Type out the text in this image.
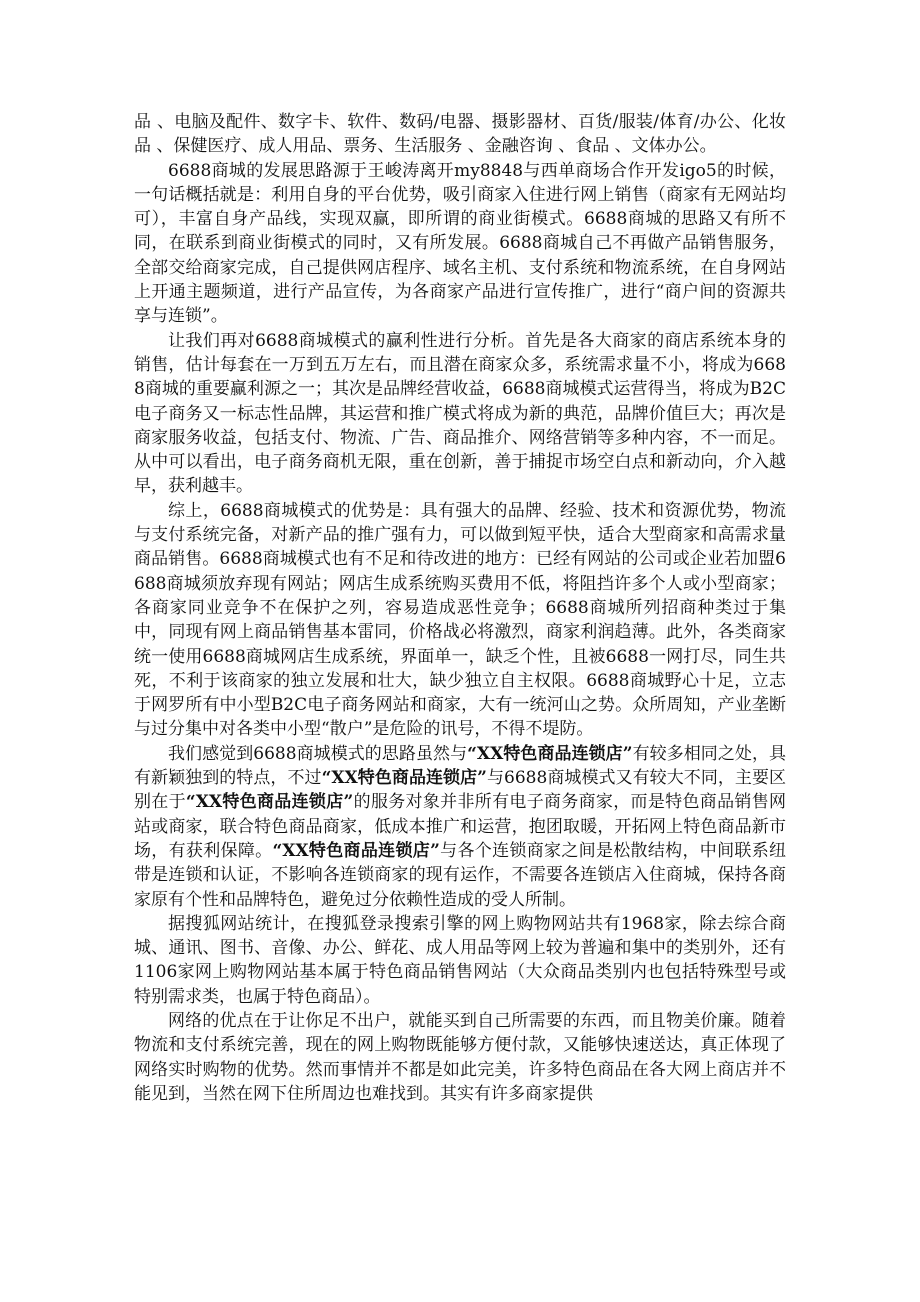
品 、电脑及配件、数字卡、软件、数码/电器、摄影器材、百货/服装/体育/办公、化妆品 、保健医疗、成人用品、票务、生活服务 、金融咨询 、食品 、文体办公。

6688商城的发展思路源于王峻涛离开my8848与西单商场合作开发igo5的时候，一句话概括就是：利用自身的平台优势，吸引商家入住进行网上销售（商家有无网站均可），丰富自身产品线，实现双赢，即所谓的商业街模式。6688商城的思路又有所不同，在联系到商业街模式的同时，又有所发展。6688商城自己不再做产品销售服务，全部交给商家完成，自己提供网店程序、域名主机、支付系统和物流系统，在自身网站上开通主题频道，进行产品宣传，为各商家产品进行宣传推广，进行“商户间的资源共享与连锁”。

让我们再对6688商城模式的赢利性进行分析。首先是各大商家的商店系统本身的销售，估计每套在一万到五万左右，而且潜在商家众多，系统需求量不小，将成为6688商城的重要赢利源之一；其次是品牌经营收益，6688商城模式运营得当，将成为B2C电子商务又一标志性品牌，其运营和推广模式将成为新的典范，品牌价值巨大；再次是商家服务收益，包括支付、物流、广告、商品推介、网络营销等多种内容，不一而足。从中可以看出，电子商务商机无限，重在创新，善于捕捉市场空白点和新动向，介入越早，获利越丰。

综上，6688商城模式的优势是：具有强大的品牌、经验、技术和资源优势，物流与支付系统完备，对新产品的推广强有力，可以做到短平快，适合大型商家和高需求量商品销售。6688商城模式也有不足和待改进的地方：已经有网站的公司或企业若加盟6688商城须放弃现有网站；网店生成系统购买费用不低，将阻挡许多个人或小型商家；各商家同业竞争不在保护之列，容易造成恶性竞争；6688商城所列招商种类过于集中，同现有网上商品销售基本雷同，价格战必将激烈，商家利润趋薄。此外，各类商家统一使用6688商城网店生成系统，界面单一，缺乏个性，且被6688一网打尽，同生共死，不利于该商家的独立发展和壮大，缺少独立自主权限。6688商城野心十足，立志于网罗所有中小型B2C电子商务网站和商家，大有一统河山之势。众所周知，产业垄断与过分集中对各类中小型“散户”是危险的讯号，不得不堤防。

我们感觉到6688商城模式的思路虽然与“XX特色商品连锁店”有较多相同之处，具有新颖独到的特点，不过“XX特色商品连锁店”与6688商城模式又有较大不同，主要区别在于“XX特色商品连锁店”的服务对象并非所有电子商务商家，而是特色商品销售网站或商家，联合特色商品商家，低成本推广和运营，抱团取暖，开拓网上特色商品新市场，有获利保障。“XX特色商品连锁店”与各个连锁商家之间是松散结构，中间联系纽带是连锁和认证，不影响各连锁商家的现有运作，不需要各连锁店入住商城，保持各商家原有个性和品牌特色，避免过分依赖性造成的受人所制。

据搜狐网站统计，在搜狐登录搜索引擎的网上购物网站共有1968家，除去综合商城、通讯、图书、音像、办公、鲜花、成人用品等网上较为普遍和集中的类别外，还有1106家网上购物网站基本属于特色商品销售网站（大众商品类别内也包括特殊型号或特别需求类，也属于特色商品）。

网络的优点在于让你足不出户，就能买到自己所需要的东西，而且物美价廉。随着物流和支付系统完善，现在的网上购物既能够方便付款，又能够快速送达，真正体现了网络实时购物的优势。然而事情并不都是如此完美，许多特色商品在各大网上商店并不能见到，当然在网下住所周边也难找到。其实有许多商家提供
